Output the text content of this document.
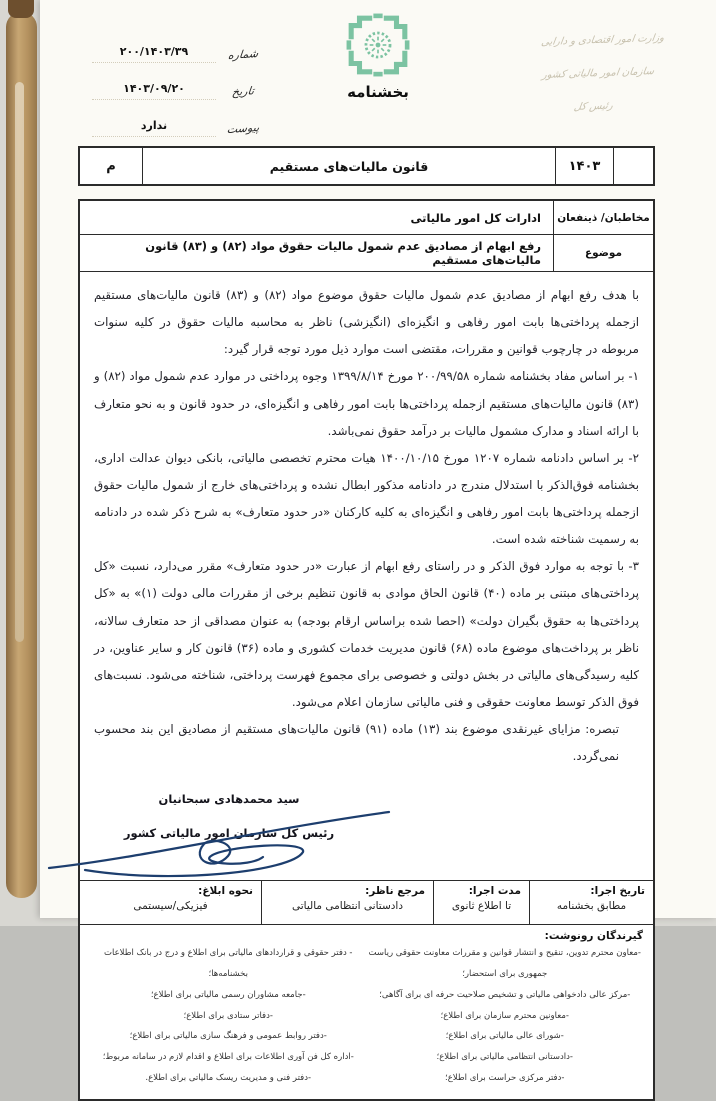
وزارت امور اقتصادی و دارایی
سازمان امور مالیاتی کشور
رئیس کل
بخشنامه
شماره
۲۰۰/۱۴۰۳/۳۹
تاریخ
۱۴۰۳/۰۹/۲۰
پیوست
ندارد
۱۴۰۳
قانون مالیات‌های مستقیم
م
مخاطبان/ ذینفعان
ادارات کل امور مالیاتی
موضوع
رفع ابهام از مصادیق عدم شمول مالیات حقوق مواد (۸۲) و (۸۳) قانون مالیات‌های مستقیم

با هدف رفع ابهام از مصادیق عدم شمول مالیات حقوق موضوع مواد (۸۲) و (۸۳) قانون مالیات‌های مستقیم ازجمله پرداختی‌ها بابت امور رفاهی و انگیزه‌ای (انگیزشی) ناظر به محاسبه مالیات حقوق در کلیه سنوات مربوطه در چارچوب قوانین و مقررات، مقتضی است موارد ذیل مورد توجه قرار گیرد:

۱- بر اساس مفاد بخشنامه شماره ۲۰۰/۹۹/۵۸ مورخ ۱۳۹۹/۸/۱۴ وجوه پرداختی در موارد عدم شمول مواد (۸۲) و (۸۳) قانون مالیات‌های مستقیم ازجمله پرداختی‌ها بابت امور رفاهی و انگیزه‌ای، در حدود قانون و به نحو متعارف با ارائه اسناد و مدارک مشمول مالیات بر درآمد حقوق نمی‌باشد.

۲- بر اساس دادنامه شماره ۱۲۰۷ مورخ ۱۴۰۰/۱۰/۱۵ هیات محترم تخصصی مالیاتی، بانکی دیوان عدالت اداری، بخشنامه فوق‌الذکر با استدلال مندرج در دادنامه مذکور ابطال نشده و پرداختی‌های خارج از شمول مالیات حقوق ازجمله پرداختی‌ها بابت امور رفاهی و انگیزه‌ای به کلیه کارکنان «در حدود متعارف» به شرح ذکر شده در دادنامه به رسمیت شناخته شده است.

۳- با توجه به موارد فوق الذکر و در راستای رفع ابهام از عبارت «در حدود متعارف» مقرر می‌دارد، نسبت «کل پرداختی‌های مبتنی بر ماده (۴۰) قانون الحاق موادی به قانون تنظیم برخی از مقررات مالی دولت (۱)» به «کل پرداختی‌ها به حقوق بگیران دولت» (احصا شده براساس ارقام بودجه) به عنوان مصداقی از حد متعارف سالانه، ناظر بر پرداخت‌های موضوع ماده (۶۸) قانون مدیریت خدمات کشوری و ماده (۳۶) قانون کار و سایر عناوین، در کلیه رسیدگی‌های مالیاتی در بخش دولتی و خصوصی برای مجموع فهرست پرداختی، شناخته می‌شود. نسبت‌های فوق الذکر توسط معاونت حقوقی و فنی مالیاتی سازمان اعلام می‌شود.

تبصره: مزایای غیرنقدی موضوع بند (۱۳) ماده (۹۱) قانون مالیات‌های مستقیم از مصادیق این بند محسوب نمی‌گردد.

سید محمدهادی سبحانیان
رئیس کل سازمان امور مالیاتی کشور
تاریخ اجرا:
مطابق بخشنامه
مدت اجرا:
تا اطلاع ثانوی
مرجع ناظر:
دادستانی انتظامی مالیاتی
نحوه ابلاغ:
فیزیکی/سیستمی
گیرندگان رونوشت:
-معاون محترم تدوین، تنقیح و انتشار قوانین و مقررات معاونت حقوقی ریاست جمهوری برای استحضار؛
-مرکز عالی دادخواهی مالیاتی و تشخیص صلاحیت حرفه ای برای آگاهی؛
-معاونین محترم سازمان برای اطلاع؛
-شورای عالی مالیاتی برای اطلاع؛
-دادستانی انتظامی مالیاتی برای اطلاع؛
-دفتر مرکزی حراست برای اطلاع؛
- دفتر حقوقی و قراردادهای مالیاتی برای اطلاع و درج در بانک اطلاعات بخشنامه‌ها؛
-جامعه مشاوران رسمی مالیاتی برای اطلاع؛
-دفاتر ستادی برای اطلاع؛
-دفتر روابط عمومی و فرهنگ سازی مالیاتی برای اطلاع؛
-اداره کل فن آوری اطلاعات برای اطلاع و اقدام لازم در سامانه مربوط؛
-دفتر فنی و مدیریت ریسک مالیاتی برای اطلاع.
